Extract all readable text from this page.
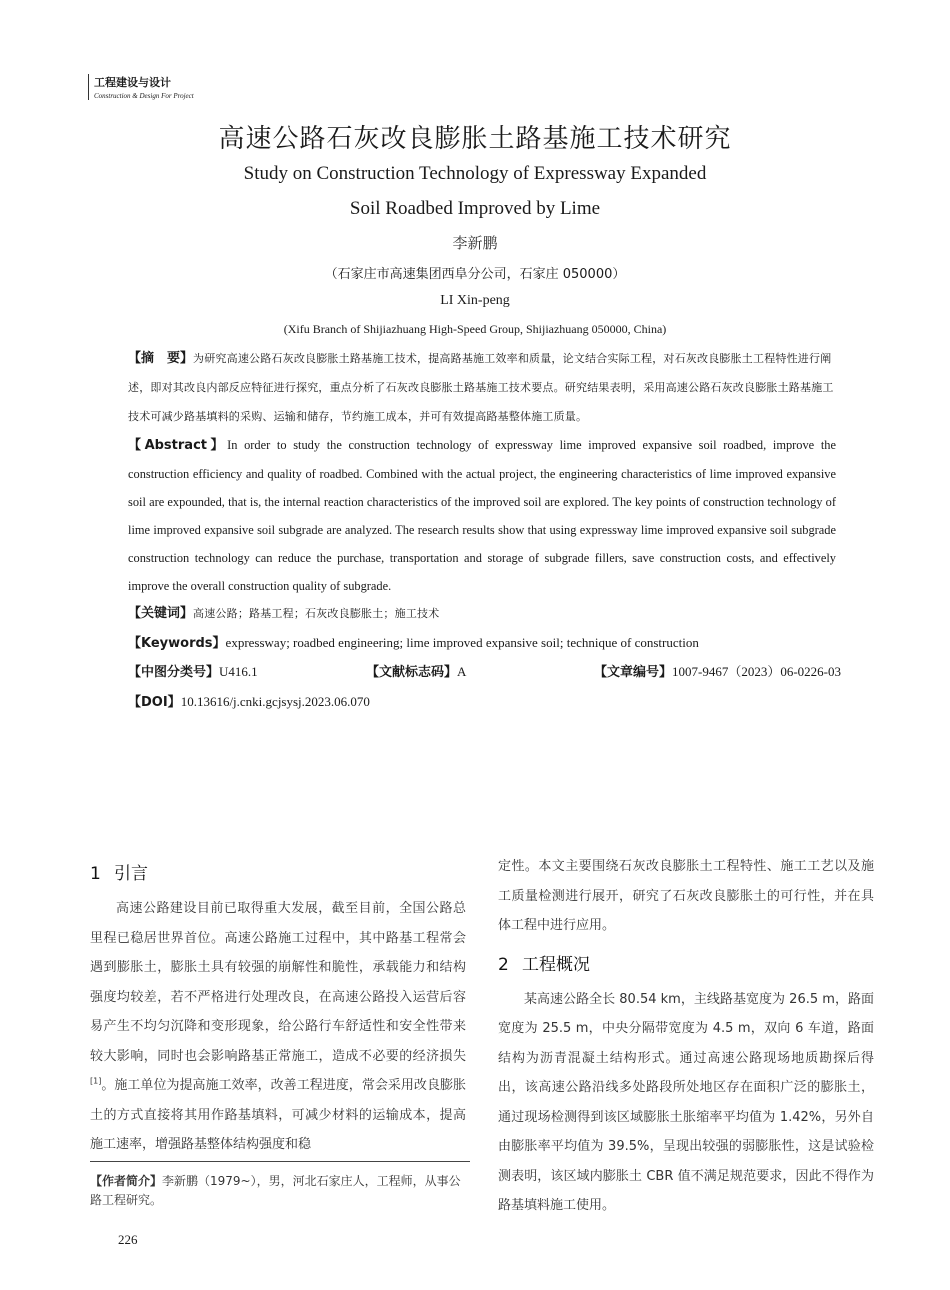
工程建设与设计
Construction & Design For Project
高速公路石灰改良膨胀土路基施工技术研究
Study on Construction Technology of Expressway Expanded
Soil Roadbed Improved by Lime
李新鹏
（石家庄市高速集团西阜分公司，石家庄 050000）
LI Xin-peng
(Xifu Branch of Shijiazhuang High-Speed Group, Shijiazhuang 050000, China)
【摘　要】为研究高速公路石灰改良膨胀土路基施工技术，提高路基施工效率和质量，论文结合实际工程，对石灰改良膨胀土工程特性进行阐述，即对其改良内部反应特征进行探究，重点分析了石灰改良膨胀土路基施工技术要点。研究结果表明，采用高速公路石灰改良膨胀土路基施工技术可减少路基填料的采购、运输和储存，节约施工成本，并可有效提高路基整体施工质量。
【Abstract】In order to study the construction technology of expressway lime improved expansive soil roadbed, improve the construction efficiency and quality of roadbed. Combined with the actual project, the engineering characteristics of lime improved expansive soil are expounded, that is, the internal reaction characteristics of the improved soil are explored. The key points of construction technology of lime improved expansive soil subgrade are analyzed. The research results show that using expressway lime improved expansive soil subgrade construction technology can reduce the purchase, transportation and storage of subgrade fillers, save construction costs, and effectively improve the overall construction quality of subgrade.
【关键词】高速公路；路基工程；石灰改良膨胀土；施工技术
【Keywords】expressway; roadbed engineering; lime improved expansive soil; technique of construction
【中图分类号】U416.1	【文献标志码】A	【文章编号】1007-9467（2023）06-0226-03
【DOI】10.13616/j.cnki.gcjsysj.2023.06.070
1 引言
高速公路建设目前已取得重大发展，截至目前，全国公路总里程已稳居世界首位。高速公路施工过程中，其中路基工程常会遇到膨胀土，膨胀土具有较强的崩解性和脆性，承载能力和结构强度均较差，若不严格进行处理改良，在高速公路投入运营后容易产生不均匀沉降和变形现象，给公路行车舒适性和安全性带来较大影响，同时也会影响路基正常施工，造成不必要的经济损失[1]。施工单位为提高施工效率，改善工程进度，常会采用改良膨胀土的方式直接将其用作路基填料，可减少材料的运输成本，提高施工速率，增强路基整体结构强度和稳
【作者简介】李新鹏（1979~），男，河北石家庄人，工程师，从事公路工程研究。
226
定性。本文主要围绕石灰改良膨胀土工程特性、施工工艺以及施工质量检测进行展开，研究了石灰改良膨胀土的可行性，并在具体工程中进行应用。
2 工程概况
某高速公路全长 80.54 km，主线路基宽度为 26.5 m，路面宽度为 25.5 m，中央分隔带宽度为 4.5 m，双向 6 车道，路面结构为沥青混凝土结构形式。通过高速公路现场地质勘探后得出，该高速公路沿线多处路段所处地区存在面积广泛的膨胀土，通过现场检测得到该区域膨胀土胀缩率平均值为 1.42%，另外自由膨胀率平均值为 39.5%，呈现出较强的弱膨胀性，这是试验检测表明，该区域内膨胀土 CBR 值不满足规范要求，因此不得作为路基填料施工使用。
